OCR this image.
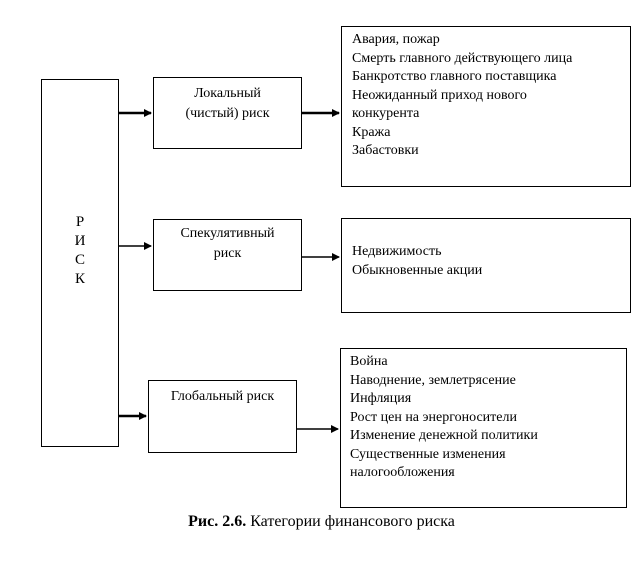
Р
И
С
К
Локальный
(чистый) риск
Спекулятивный
риск
Глобальный риск
Авария, пожар
Смерть главного действующего лица
Банкротство главного поставщика
Неожиданный приход нового
конкурента
Кража
Забастовки
Недвижимость
Обыкновенные акции
Война
Наводнение, землетрясение
Инфляция
Рост цен на энергоносители
Изменение денежной политики
Существенные изменения
налогообложения
Рис. 2.6. Категории финансового риска
